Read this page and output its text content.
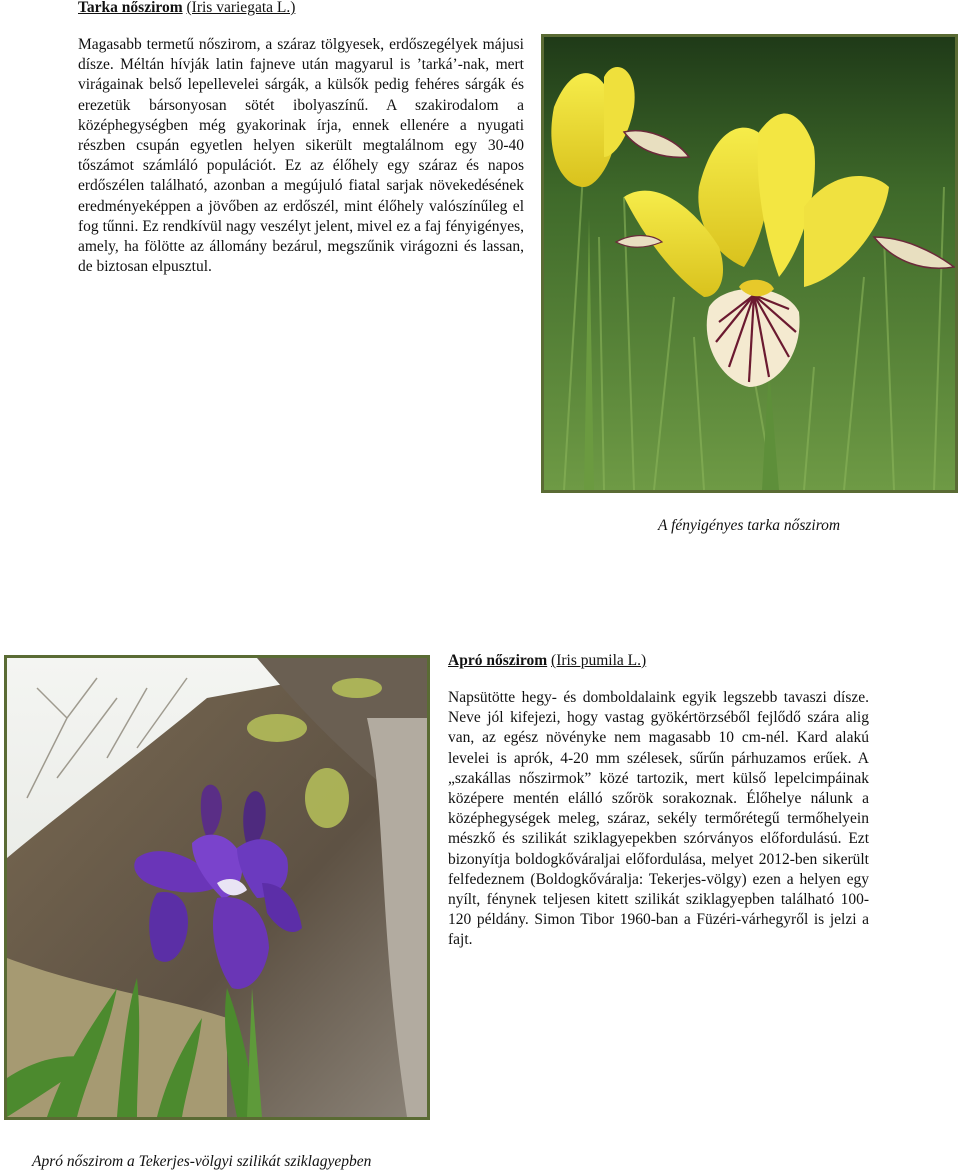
Tarka nőszirom (Iris variegata L.)
Magasabb termetű nőszirom, a száraz tölgyesek, erdőszegélyek májusi dísze. Méltán hívják latin fajneve után magyarul is ’tarká’-nak, mert virágainak belső lepellevelei sárgák, a külsők pedig fehéres sárgák és erezetük bársonyosan sötét ibolyaszínű. A szakirodalom a középhegységben még gyakorinak írja, ennek ellenére a nyugati részben csupán egyetlen helyen sikerült megtalálnom egy 30-40 tőszámot számláló populációt. Ez az élőhely egy száraz és napos erdőszélen található, azonban a megújuló fiatal sarjak növekedésének eredményeképpen a jövőben az erdőszél, mint élőhely valószínűleg el fog tűnni. Ez rendkívül nagy veszélyt jelent, mivel ez a faj fényigényes, amely, ha fölötte az állomány bezárul, megszűnik virágozni és lassan, de biztosan elpusztul.
A fényigényes tarka nőszirom
Apró nőszirom (Iris pumila L.)
Napsütötte hegy- és domboldalaink egyik legszebb tavaszi dísze. Neve jól kifejezi, hogy vastag gyökértörzséből fejlődő szára alig van, az egész növényke nem magasabb 10 cm-nél. Kard alakú levelei is aprók, 4-20 mm szélesek, sűrűn párhuzamos erűek. A „szakállas nőszirmok” közé tartozik, mert külső lepelcimpáinak középere mentén elálló szőrök sorakoznak. Élőhelye nálunk a középhegységek meleg, száraz, sekély termőrétegű termőhelyein mészkő és szilikát sziklagyepekben szórványos előfordulású. Ezt bizonyítja boldogkőváraljai előfordulása, melyet 2012-ben sikerült felfedeznem (Boldogkőváralja: Tekerjes-völgy) ezen a helyen egy nyílt, fénynek teljesen kitett szilikát sziklagyepben található 100-120 példány. Simon Tibor 1960-ban a Füzéri-várhegyről is jelzi a fajt.
Apró nőszirom a Tekerjes-völgyi szilikát sziklagyepben
